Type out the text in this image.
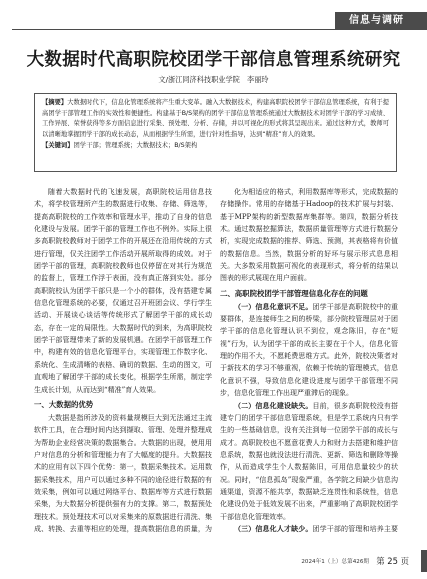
信息与调研
大数据时代高职院校团学干部信息管理系统研究
文/浙江同济科技职业学院　李丽玲

【摘要】大数据时代下，信息化管理系统将产生重大变革。融入大数据技术，构建高职院校团学干部信息管理系统，有利于提高团学干部管理工作的实效性和便捷性。构建基于B/S架构的团学干部信息管理系统通过大数据技术对团学干部的学习成绩、工作异展、荣誉获得等多方面信息进行采集、预处理、分析、存储，并以可视化的形式将其呈现出来。通过这种方式，教师可以清晰地掌握团学干部的成长动态，从而根据学生所需，进行针对性指导，达到“精准”育人的效果。

【关键词】团学干部；管理系统；大数据技术；B/S架构

随着大数据时代的飞速发展，高职院校运用信息技术，将学校管理所产生的数据进行收集、存储、筛选等，提高高职院校的工作效率和管理水平，推动了自身的信息化建设与发展。团学干部的管理工作也不例外。实际上很多高职院校教师对于团学工作的开展还在沿用传统的方式进行管理，仅关注团学工作活动开展所取得的成效。对于团学干部的管理，高职院校教师也仅停留在对其行为规范的监督上，管理工作浮于表面，没有真正落到实处。部分高职院校认为团学干部只是一个小的群体，没有搭建专属信息化管理系统的必要，仅通过召开班团会议、学行学生活动、开展谈心谈话等传统形式了解团学干部的成长动态，存在一定的局限性。大数据时代的到来，为高职院校团学干部管理带来了新的发展机遇。在团学干部管理工作中，构建有效的信息化管理平台，实现管理工作数字化、系统化、生成清晰的表格、确切的数据、生动的图文，可直观地了解团学干部的成长变化，根据学生所需，制定学生成长计划，从而达到“精准”育人效果。

一、大数据的优势

大数据是指所涉及的资料量规模巨大到无法通过主流软件工具，在合理时间内达到撷取、管理、处理并整理成为帮助企业经营决策的数据集合。大数据的出现，使用用户对信息的分析和管理能力有了大幅度的提升。大数据技术的应用有以下四个优势：第一，数据采集技术。运用数据采集技术，用户可以通过多种不同的途径进行数据的有效采集，例如可以通过网络平台、数据库等方式进行数据采集，为大数据分析提供强有力的支撑。第二，数据预处理技术。预处理技术可以对采集来的原数据进行清洗、集成、转换、去重等相应的处理，提高数据信息的质量，为

化为相适应的格式，利用数据库等形式，完成数据的存储操作。常用的存储基于Hadoop的技术扩展与封装、基于MPP架构的新型数据库集群等。第四，数据分析技术。通过数据挖掘算法，数据质量管理等方式进行数据分析，实现完成数据的推荐、筛选、预测，其表格将有价值的数据信息。当然，数据分析的好坏与展示形式息息相关。大多数采用数据可视化的表现形式，将分析的结果以图表的形式展现在用户面前。

二、高职院校团学干部管理信息化存在的问题

（一）信息化意识不足。团学干部是高职院校中的重要群体，是连接师生之间的桥梁，部分院校管理层对于团学干部的信息化管理认识不到位，观念陈旧，存在“短视”行为，认为团学干部的成长主要在于个人，信息化管理的作用不大，不愿耗费思维方式。此外，院校决策者对于新技术的学习不够重视，依赖于传统的管理模式，信息化意识不强，导致信息化建设进度与团学干部管理不同步，信息化管理工作出现严重滞后的现象。

（二）信息化建设缺失。目前，很多高职院校没有搭建专门的团学干部信息管理系统，但是学工系统内只有学生的一些基础信息，没有关注到每一位团学干部的成长与成才。高职院校也不愿意花费人力和财力去搭建和维护信息系统，数据也就没法进行清洗、更新、筛选和删除等操作，从而造成学生个人数据陈旧，可用信息量较少的状况。同时，“信息孤岛”现象严重，各学院之间缺少信息沟通渠道，资源不能共享，数据缺乏连贯性和系统性，信息化建设仍处于低效发展不出来，严重影响了高职院校团学干部信息化管理效率。

（三）信息化人才缺少。团学干部的管理和培养主要

2024年1（上）总第426期 第 25 页
